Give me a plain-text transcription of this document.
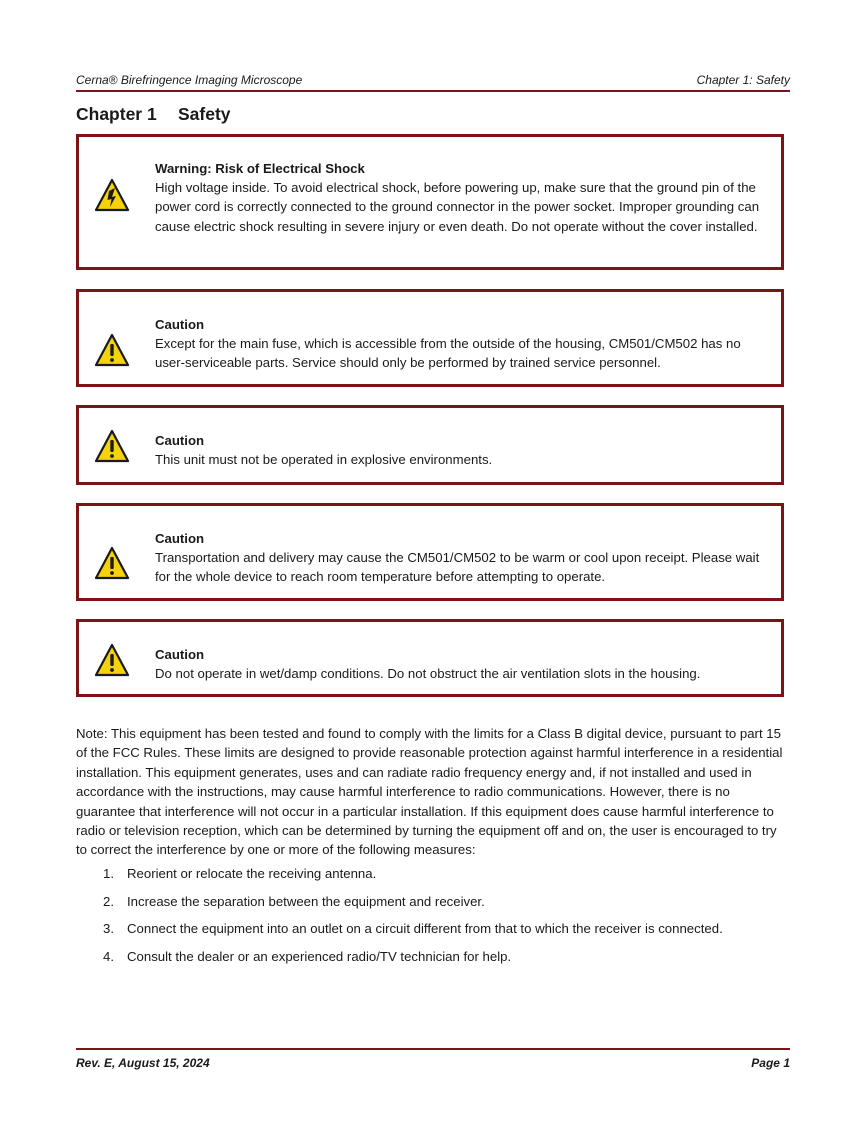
Cerna® Birefringence Imaging Microscope	Chapter 1: Safety
Chapter 1 Safety
Warning: Risk of Electrical Shock
High voltage inside. To avoid electrical shock, before powering up, make sure that the ground pin of the power cord is correctly connected to the ground connector in the power socket. Improper grounding can cause electric shock resulting in severe injury or even death. Do not operate without the cover installed.
Caution
Except for the main fuse, which is accessible from the outside of the housing, CM501/CM502 has no user-serviceable parts. Service should only be performed by trained service personnel.
Caution
This unit must not be operated in explosive environments.
Caution
Transportation and delivery may cause the CM501/CM502 to be warm or cool upon receipt. Please wait for the whole device to reach room temperature before attempting to operate.
Caution
Do not operate in wet/damp conditions. Do not obstruct the air ventilation slots in the housing.
Note: This equipment has been tested and found to comply with the limits for a Class B digital device, pursuant to part 15 of the FCC Rules. These limits are designed to provide reasonable protection against harmful interference in a residential installation. This equipment generates, uses and can radiate radio frequency energy and, if not installed and used in accordance with the instructions, may cause harmful interference to radio communications. However, there is no guarantee that interference will not occur in a particular installation. If this equipment does cause harmful interference to radio or television reception, which can be determined by turning the equipment off and on, the user is encouraged to try to correct the interference by one or more of the following measures:
1. Reorient or relocate the receiving antenna.
2. Increase the separation between the equipment and receiver.
3. Connect the equipment into an outlet on a circuit different from that to which the receiver is connected.
4. Consult the dealer or an experienced radio/TV technician for help.
Rev. E, August 15, 2024	Page 1
